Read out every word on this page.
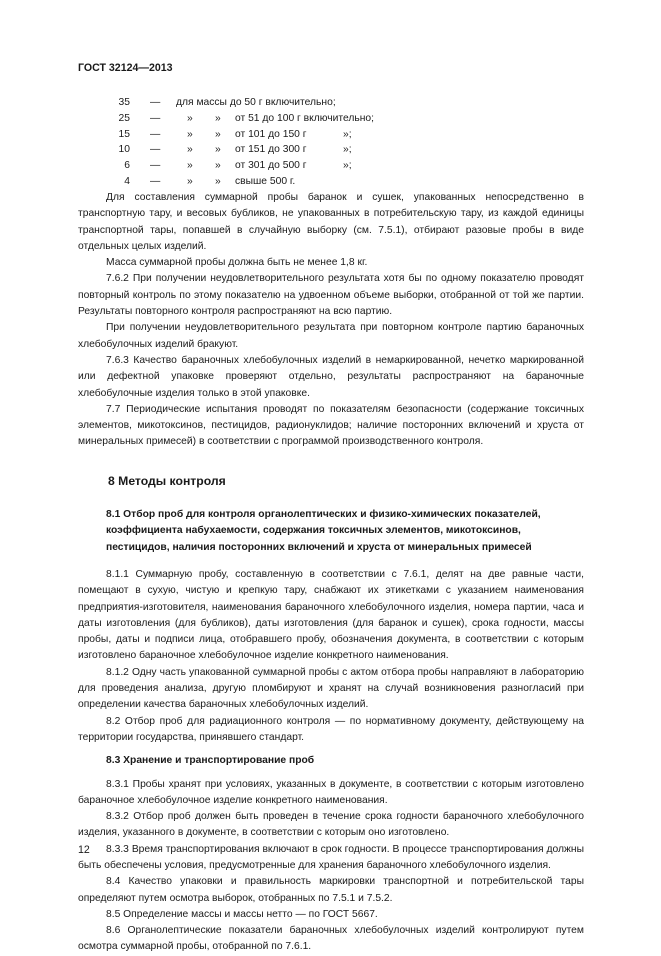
ГОСТ 32124—2013
35 — для массы до 50 г включительно;
25 —	» » от 51 до 100 г включительно;
15 —	» » от 101 до 150 г	»;
10 —	» » от 151 до 300 г	»;
6 —	» » от 301 до 500 г	»;
4 —	» » свыше 500 г.

Для составления суммарной пробы баранок и сушек, упакованных непосредственно в транспортную тару, и весовых бубликов, не упакованных в потребительскую тару, из каждой единицы транспортной тары, попавшей в случайную выборку (см. 7.5.1), отбирают разовые пробы в виде отдельных целых изделий.

Масса суммарной пробы должна быть не менее 1,8 кг.

7.6.2 При получении неудовлетворительного результата хотя бы по одному показателю проводят повторный контроль по этому показателю на удвоенном объеме выборки, отобранной от той же партии. Результаты повторного контроля распространяют на всю партию.

При получении неудовлетворительного результата при повторном контроле партию бараночных хлебобулочных изделий бракуют.

7.6.3 Качество бараночных хлебобулочных изделий в немаркированной, нечетко маркированной или дефектной упаковке проверяют отдельно, результаты распространяют на бараночные хлебобулочные изделия только в этой упаковке.

7.7 Периодические испытания проводят по показателям безопасности (содержание токсичных элементов, микотоксинов, пестицидов, радионуклидов; наличие посторонних включений и хруста от минеральных примесей) в соответствии с программой производственного контроля.

8 Методы контроля

8.1 Отбор проб для контроля органолептических и физико-химических показателей, коэффициента набухаемости, содержания токсичных элементов, микотоксинов, пестицидов, наличия посторонних включений и хруста от минеральных примесей

8.1.1 Суммарную пробу, составленную в соответствии с 7.6.1, делят на две равные части, помещают в сухую, чистую и крепкую тару, снабжают их этикетками с указанием наименования предприятия-изготовителя, наименования бараночного хлебобулочного изделия, номера партии, часа и даты изготовления (для бубликов), даты изготовления (для баранок и сушек), срока годности, массы пробы, даты и подписи лица, отобравшего пробу, обозначения документа, в соответствии с которым изготовлено бараночное хлебобулочное изделие конкретного наименования.

8.1.2 Одну часть упакованной суммарной пробы с актом отбора пробы направляют в лабораторию для проведения анализа, другую пломбируют и хранят на случай возникновения разногласий при определении качества бараночных хлебобулочных изделий.

8.2 Отбор проб для радиационного контроля — по нормативному документу, действующему на территории государства, принявшего стандарт.

8.3 Хранение и транспортирование проб

8.3.1 Пробы хранят при условиях, указанных в документе, в соответствии с которым изготовлено бараночное хлебобулочное изделие конкретного наименования.

8.3.2 Отбор проб должен быть проведен в течение срока годности бараночного хлебобулочного изделия, указанного в документе, в соответствии с которым оно изготовлено.

8.3.3 Время транспортирования включают в срок годности. В процессе транспортирования должны быть обеспечены условия, предусмотренные для хранения бараночного хлебобулочного изделия.

8.4 Качество упаковки и правильность маркировки транспортной и потребительской тары определяют путем осмотра выборок, отобранных по 7.5.1 и 7.5.2.

8.5 Определение массы и массы нетто — по ГОСТ 5667.

8.6 Органолептические показатели бараночных хлебобулочных изделий контролируют путем осмотра суммарной пробы, отобранной по 7.6.1.

12
